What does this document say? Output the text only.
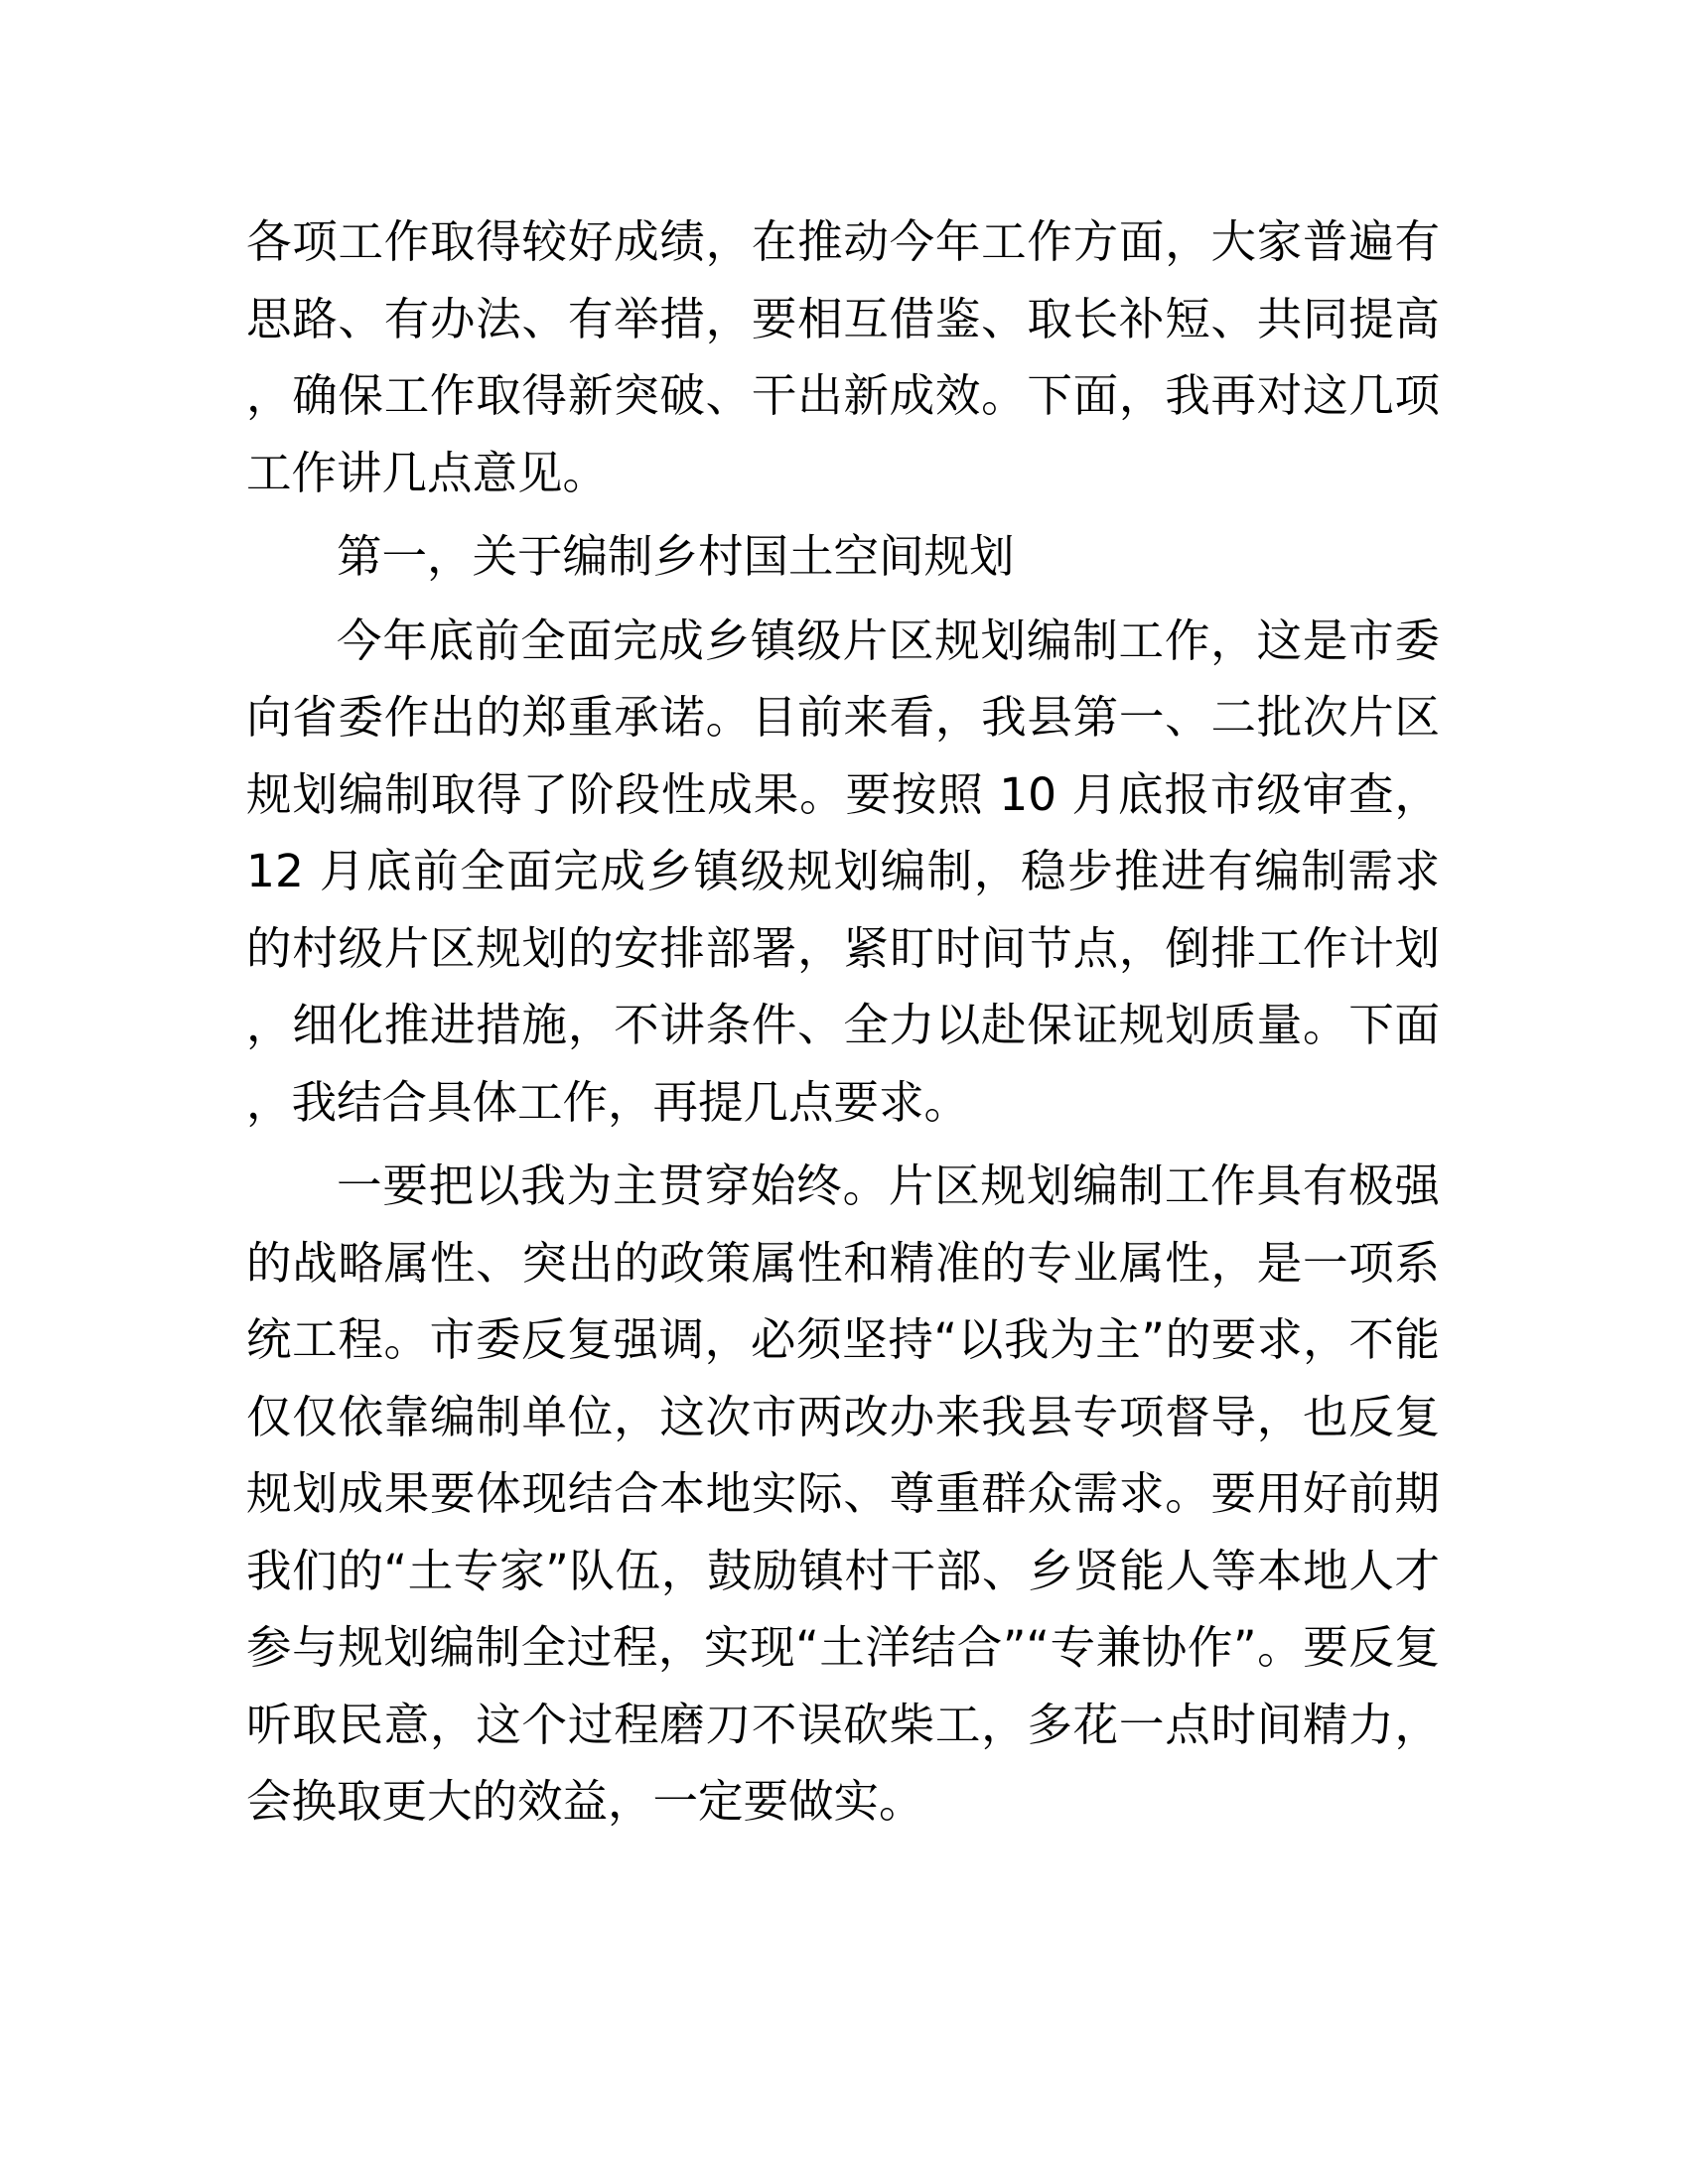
各项工作取得较好成绩，在推动今年工作方面，大家普遍有思路、有办法、有举措，要相互借鉴、取长补短、共同提高，确保工作取得新突破、干出新成效。下面，我再对这几项工作讲几点意见。

第一，关于编制乡村国土空间规划

今年底前全面完成乡镇级片区规划编制工作，这是市委向省委作出的郑重承诺。目前来看，我县第一、二批次片区规划编制取得了阶段性成果。要按照 10 月底报市级审查，12 月底前全面完成乡镇级规划编制，稳步推进有编制需求的村级片区规划的安排部署，紧盯时间节点，倒排工作计划，细化推进措施，不讲条件、全力以赴保证规划质量。下面，我结合具体工作，再提几点要求。

一要把以我为主贯穿始终。片区规划编制工作具有极强的战略属性、突出的政策属性和精准的专业属性，是一项系统工程。市委反复强调，必须坚持“以我为主”的要求，不能仅仅依靠编制单位，这次市两改办来我县专项督导，也反复规划成果要体现结合本地实际、尊重群众需求。要用好前期我们的“土专家”队伍，鼓励镇村干部、乡贤能人等本地人才参与规划编制全过程，实现“土洋结合”“专兼协作”。要反复听取民意，这个过程磨刀不误砍柴工，多花一点时间精力，会换取更大的效益，一定要做实。
